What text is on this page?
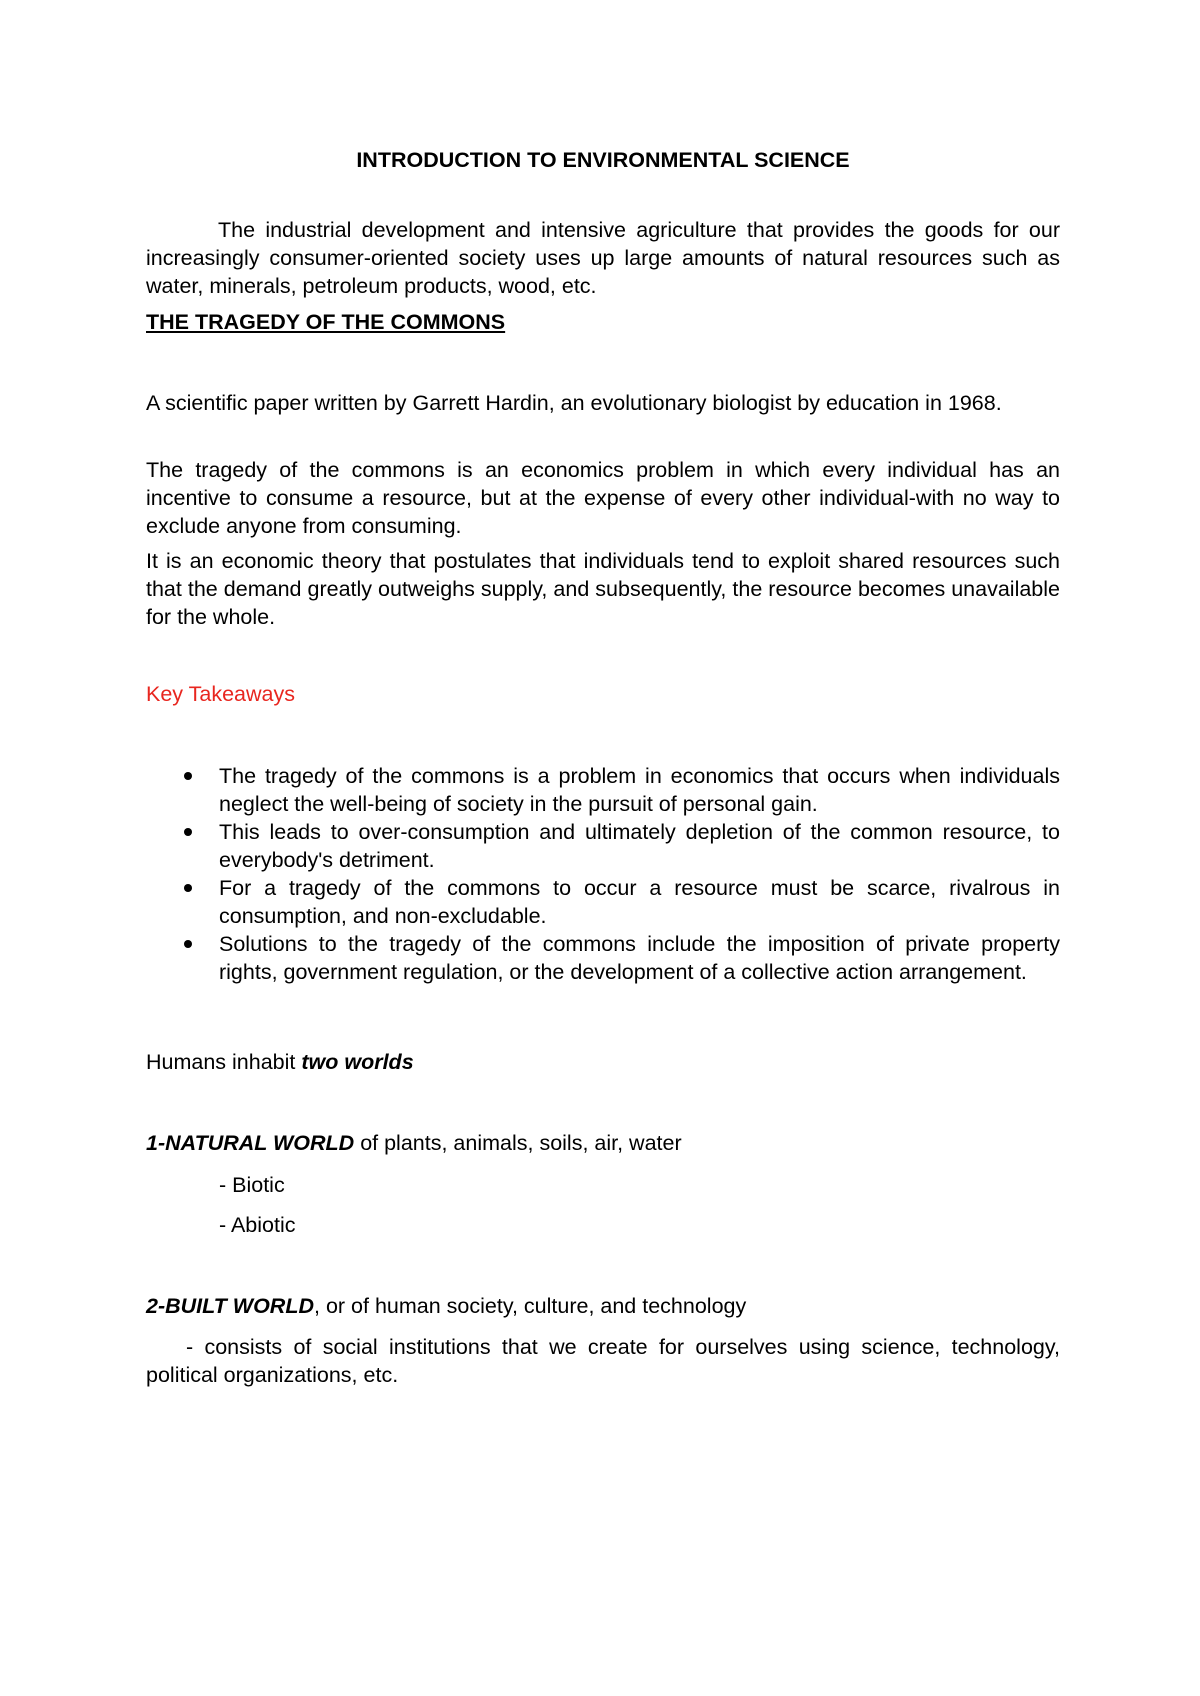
INTRODUCTION TO ENVIRONMENTAL SCIENCE

The industrial development and intensive agriculture that provides the goods for our increasingly consumer-oriented society uses up large amounts of natural resources such as water, minerals, petroleum products, wood, etc.

THE TRAGEDY OF THE COMMONS

A scientific paper written by Garrett Hardin, an evolutionary biologist by education in 1968.

The tragedy of the commons is an economics problem in which every individual has an incentive to consume a resource, but at the expense of every other individual-with no way to exclude anyone from consuming.

It is an economic theory that postulates that individuals tend to exploit shared resources such that the demand greatly outweighs supply, and subsequently, the resource becomes unavailable for the whole.

Key Takeaways
The tragedy of the commons is a problem in economics that occurs when individuals neglect the well-being of society in the pursuit of personal gain.
This leads to over-consumption and ultimately depletion of the common resource, to everybody's detriment.
For a tragedy of the commons to occur a resource must be scarce, rivalrous in consumption, and non-excludable.
Solutions to the tragedy of the commons include the imposition of private property rights, government regulation, or the development of a collective action arrangement.
Humans inhabit two worlds
1-NATURAL WORLD of plants, animals, soils, air, water
- Biotic
- Abiotic
2-BUILT WORLD, or of human society, culture, and technology

- consists of social institutions that we create for ourselves using science, technology, political organizations, etc.
